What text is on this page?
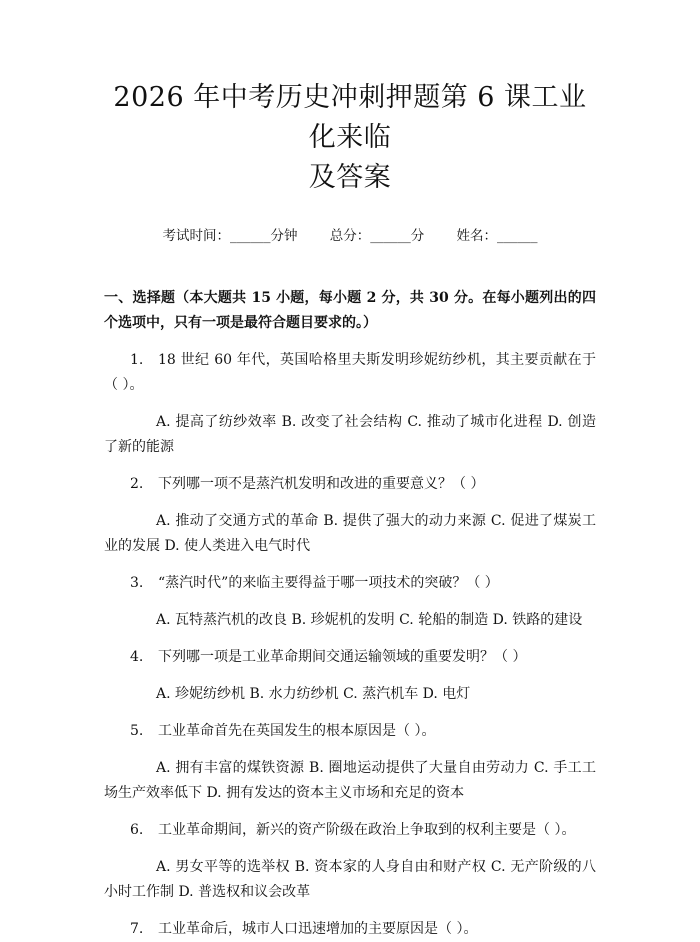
2026 年中考历史冲刺押题第 6 课工业化来临
及答案
考试时间：______分钟 总分：______分 姓名：______
一、选择题（本大题共 15 小题，每小题 2 分，共 30 分。在每小题列出的四个选项中，只有一项是最符合题目要求的。）
1. 18 世纪 60 年代，英国哈格里夫斯发明珍妮纺纱机，其主要贡献在于（ ）。
A. 提高了纺纱效率 B. 改变了社会结构 C. 推动了城市化进程 D. 创造了新的能源
2. 下列哪一项不是蒸汽机发明和改进的重要意义？（ ）
A. 推动了交通方式的革命 B. 提供了强大的动力来源 C. 促进了煤炭工业的发展 D. 使人类进入电气时代
3. “蒸汽时代”的来临主要得益于哪一项技术的突破？（ ）
A. 瓦特蒸汽机的改良 B. 珍妮机的发明 C. 轮船的制造 D. 铁路的建设
4. 下列哪一项是工业革命期间交通运输领域的重要发明？（ ）
A. 珍妮纺纱机 B. 水力纺纱机 C. 蒸汽机车 D. 电灯
5. 工业革命首先在英国发生的根本原因是（ ）。
A. 拥有丰富的煤铁资源 B. 圈地运动提供了大量自由劳动力 C. 手工工场生产效率低下 D. 拥有发达的资本主义市场和充足的资本
6. 工业革命期间，新兴的资产阶级在政治上争取到的权利主要是（ ）。
A. 男女平等的选举权 B. 资本家的人身自由和财产权 C. 无产阶级的八小时工作制 D. 普选权和议会改革
7. 工业革命后，城市人口迅速增加的主要原因是（ ）。
